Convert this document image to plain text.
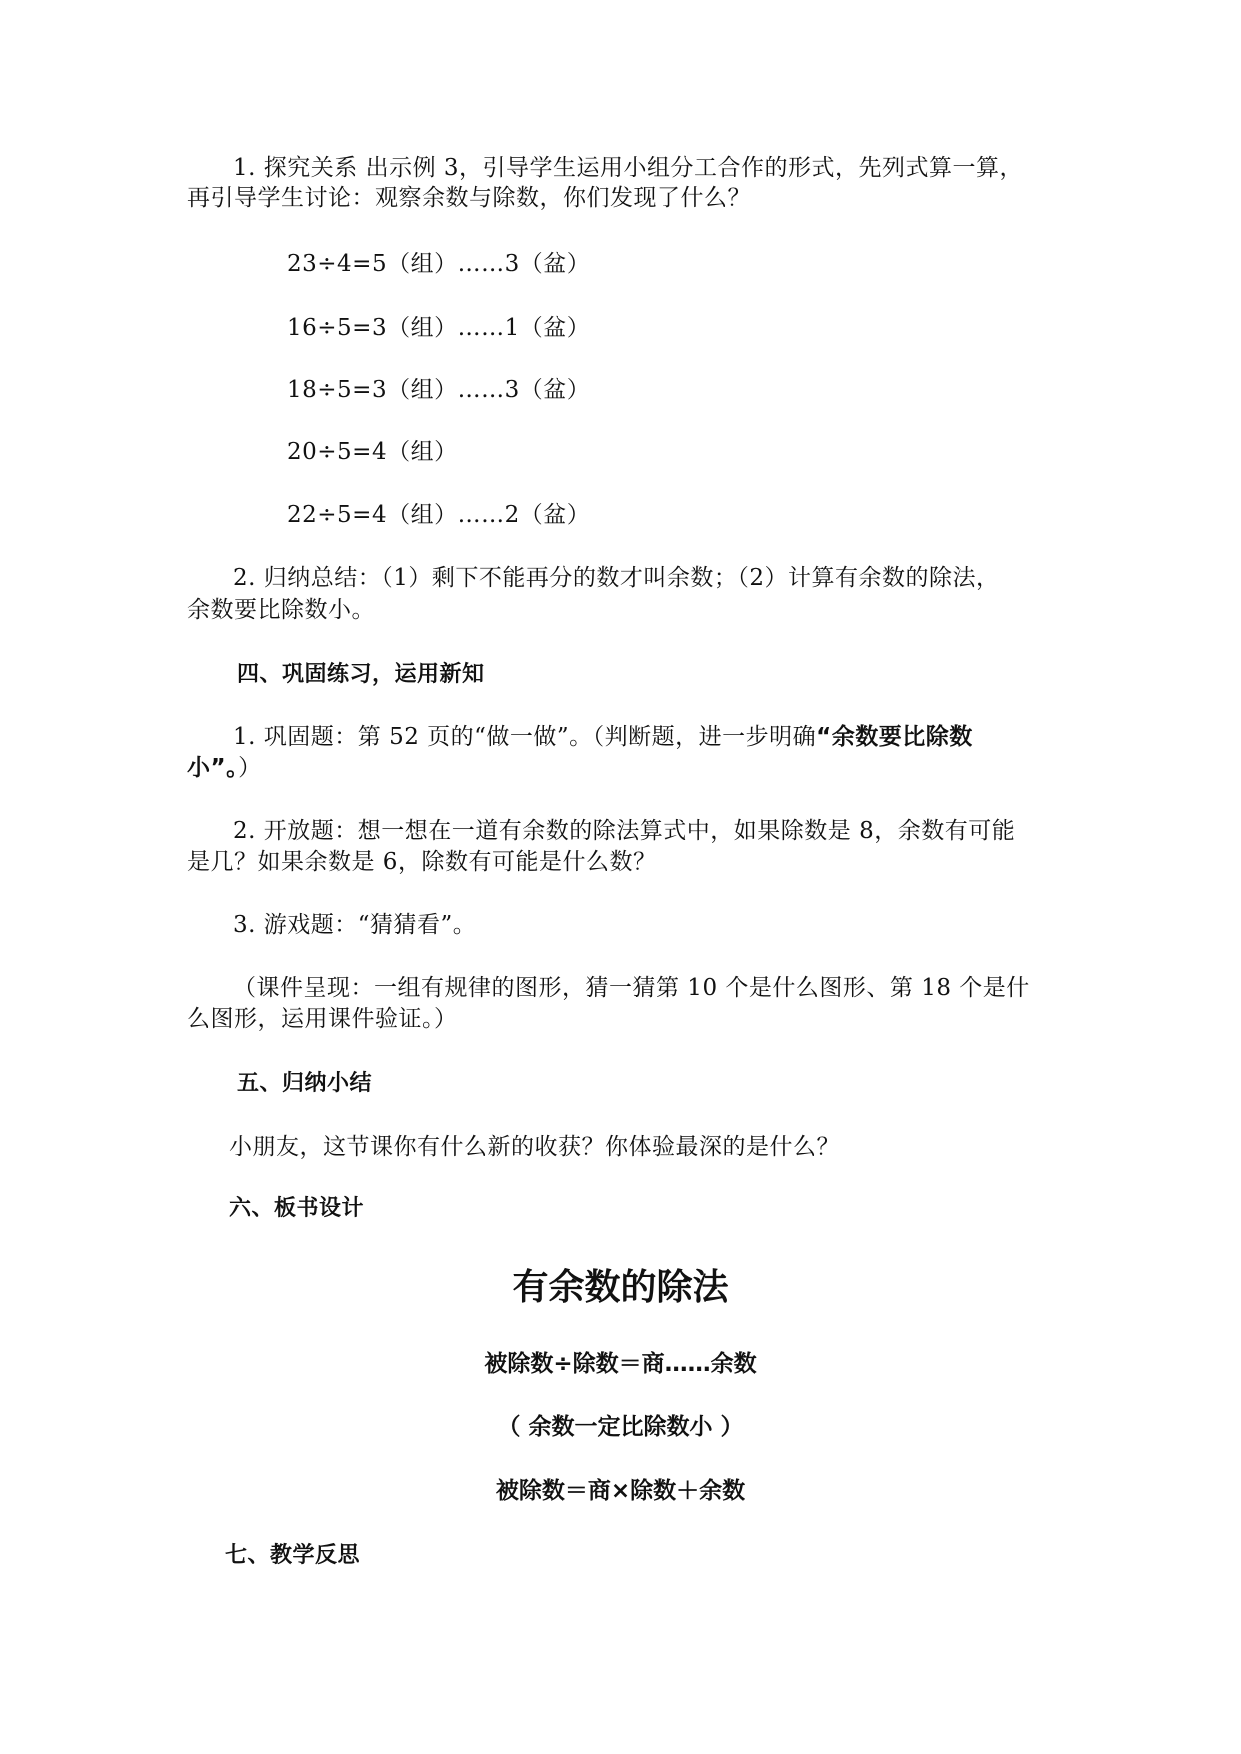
1. 探究关系 出示例 3，引导学生运用小组分工合作的形式，先列式算一算，
再引导学生讨论：观察余数与除数，你们发现了什么？
23÷4=5（组）……3（盆）
16÷5=3（组）……1（盆）
18÷5=3（组）……3（盆）
20÷5=4（组）
22÷5=4（组）……2（盆）
2. 归纳总结：（1）剩下不能再分的数才叫余数；（2）计算有余数的除法，
余数要比除数小。
四、巩固练习，运用新知
1. 巩固题：第 52 页的“做一做”。（判断题，进一步明确“余数要比除数
小”。）
2. 开放题：想一想在一道有余数的除法算式中，如果除数是 8，余数有可能
是几？如果余数是 6，除数有可能是什么数？
3. 游戏题：“猜猜看”。
（课件呈现：一组有规律的图形，猜一猜第 10 个是什么图形、第 18 个是什
么图形，运用课件验证。）
五、归纳小结
小朋友，这节课你有什么新的收获？你体验最深的是什么？
六、板书设计
有余数的除法
被除数÷除数＝商……余数
（ 余数一定比除数小 ）
被除数＝商×除数＋余数
七、教学反思
